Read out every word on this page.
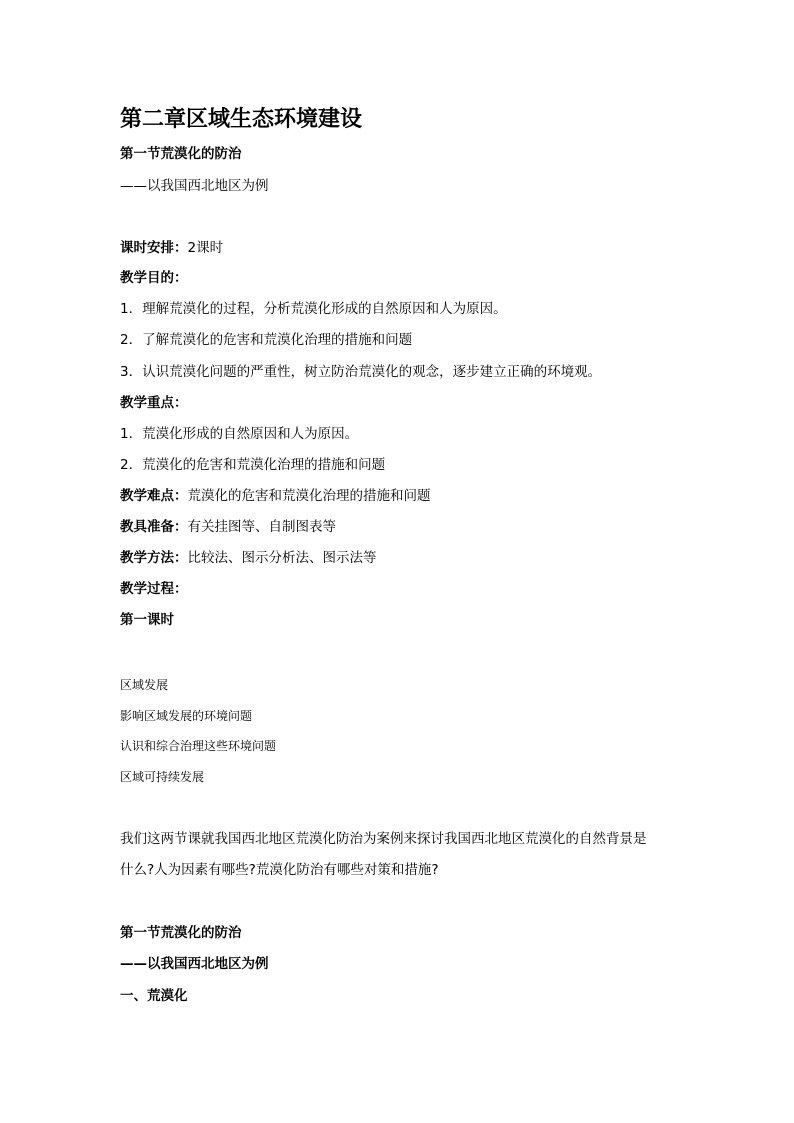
第二章区域生态环境建设
第一节荒漠化的防治
——以我国西北地区为例
课时安排：2课时
教学目的：
1．理解荒漠化的过程，分析荒漠化形成的自然原因和人为原因。
2．了解荒漠化的危害和荒漠化治理的措施和问题
3．认识荒漠化问题的严重性，树立防治荒漠化的观念，逐步建立正确的环境观。
教学重点：
1．荒漠化形成的自然原因和人为原因。
2．荒漠化的危害和荒漠化治理的措施和问题
教学难点：荒漠化的危害和荒漠化治理的措施和问题
教具准备：有关挂图等、自制图表等
教学方法：比较法、图示分析法、图示法等
教学过程：
第一课时
区域发展
影响区域发展的环境问题
认识和综合治理这些环境问题
区域可持续发展
我们这两节课就我国西北地区荒漠化防治为案例来探讨我国西北地区荒漠化的自然背景是
什么?人为因素有哪些?荒漠化防治有哪些对策和措施?
第一节荒漠化的防治
——以我国西北地区为例
一、荒漠化
